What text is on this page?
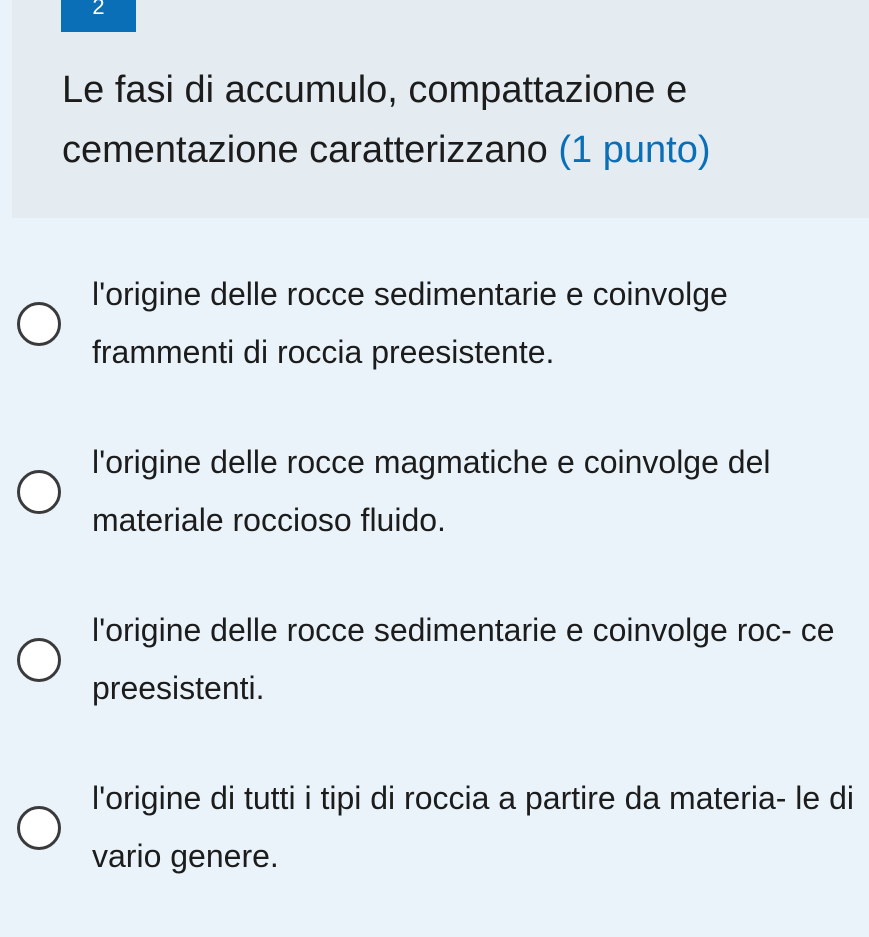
2
Le fasi di accumulo, compattazione e cementazione caratterizzano (1 punto)
l'origine delle rocce sedimentarie e coinvolge frammenti di roccia preesistente.
l'origine delle rocce magmatiche e coinvolge del materiale roccioso fluido.
l'origine delle rocce sedimentarie e coinvolge roc- ce preesistenti.
l'origine di tutti i tipi di roccia a partire da materia- le di vario genere.
